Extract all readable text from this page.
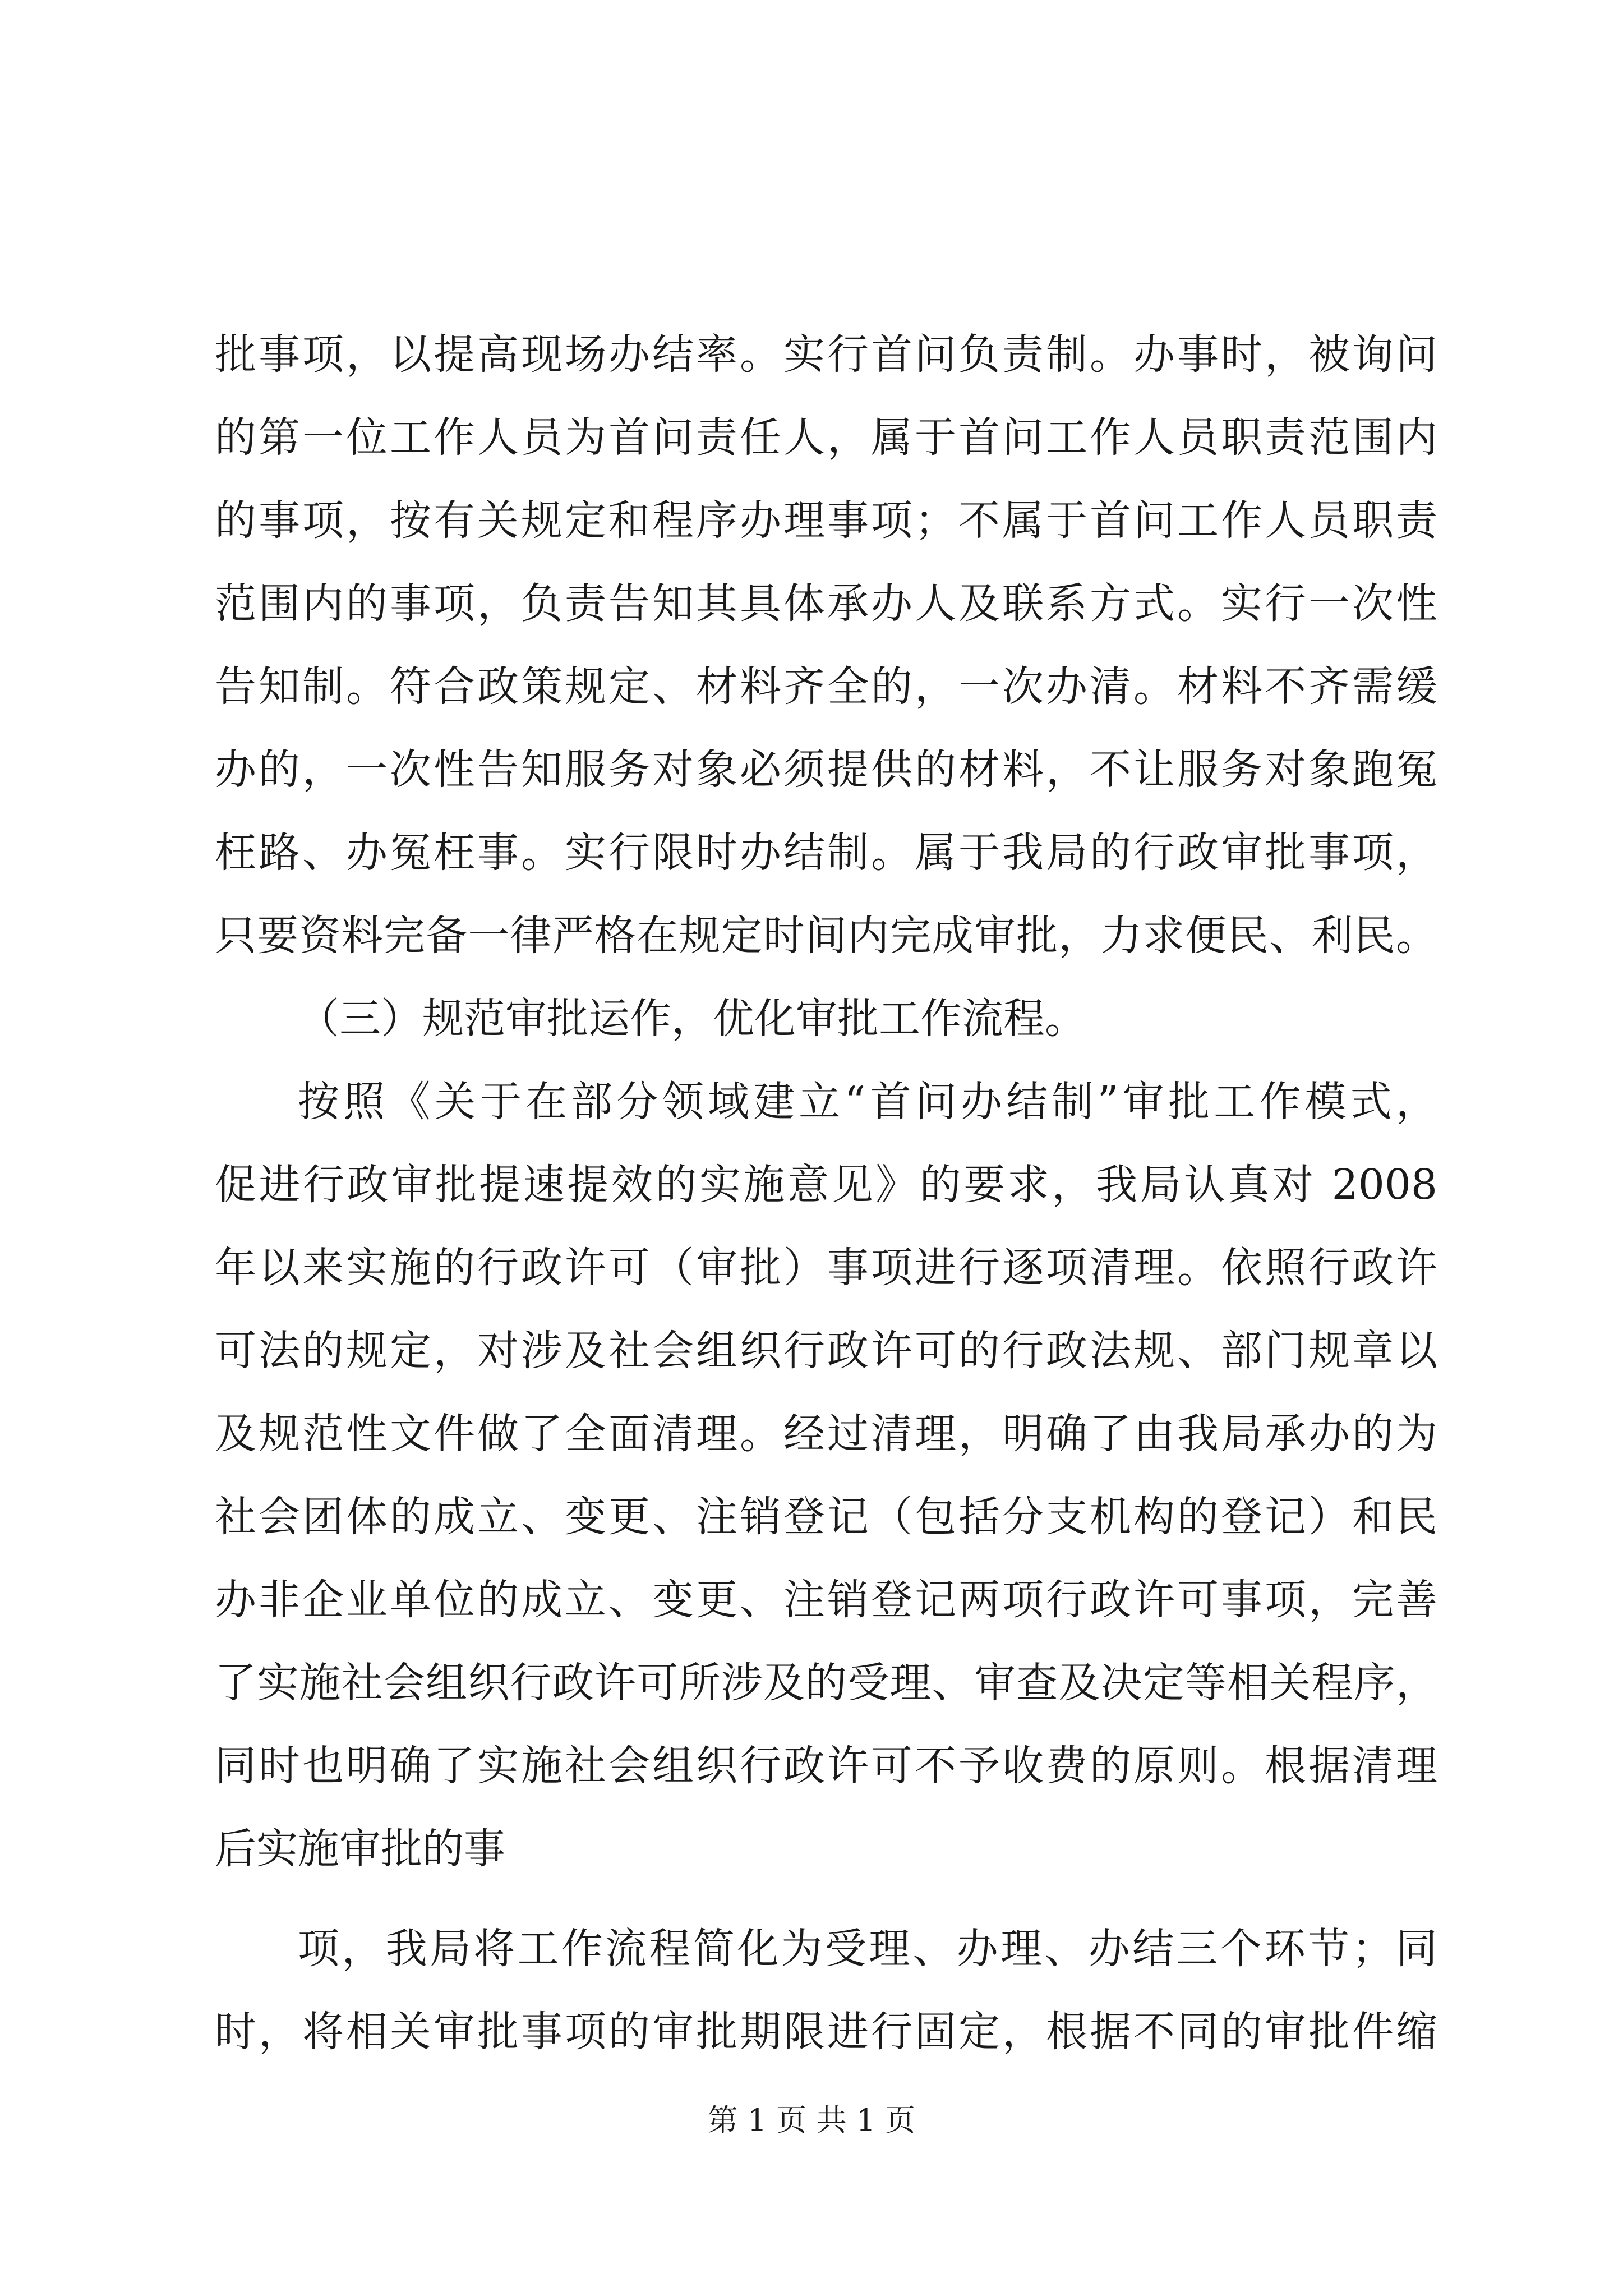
批事项，以提高现场办结率。实行首问负责制。办事时，被询问
的第一位工作人员为首问责任人，属于首问工作人员职责范围内
的事项，按有关规定和程序办理事项；不属于首问工作人员职责
范围内的事项，负责告知其具体承办人及联系方式。实行一次性
告知制。符合政策规定、材料齐全的，一次办清。材料不齐需缓
办的，一次性告知服务对象必须提供的材料，不让服务对象跑冤
枉路、办冤枉事。实行限时办结制。属于我局的行政审批事项，
只要资料完备一律严格在规定时间内完成审批，力求便民、利民。
（三）规范审批运作，优化审批工作流程。
按照《关于在部分领域建立“首问办结制”审批工作模式，
促进行政审批提速提效的实施意见》的要求，我局认真对 2008
年以来实施的行政许可（审批）事项进行逐项清理。依照行政许
可法的规定，对涉及社会组织行政许可的行政法规、部门规章以
及规范性文件做了全面清理。经过清理，明确了由我局承办的为
社会团体的成立、变更、注销登记（包括分支机构的登记）和民
办非企业单位的成立、变更、注销登记两项行政许可事项，完善
了实施社会组织行政许可所涉及的受理、审查及决定等相关程序，
同时也明确了实施社会组织行政许可不予收费的原则。根据清理
后实施审批的事
项，我局将工作流程简化为受理、办理、办结三个环节；同
时，将相关审批事项的审批期限进行固定，根据不同的审批件缩
第 1 页 共 1 页
